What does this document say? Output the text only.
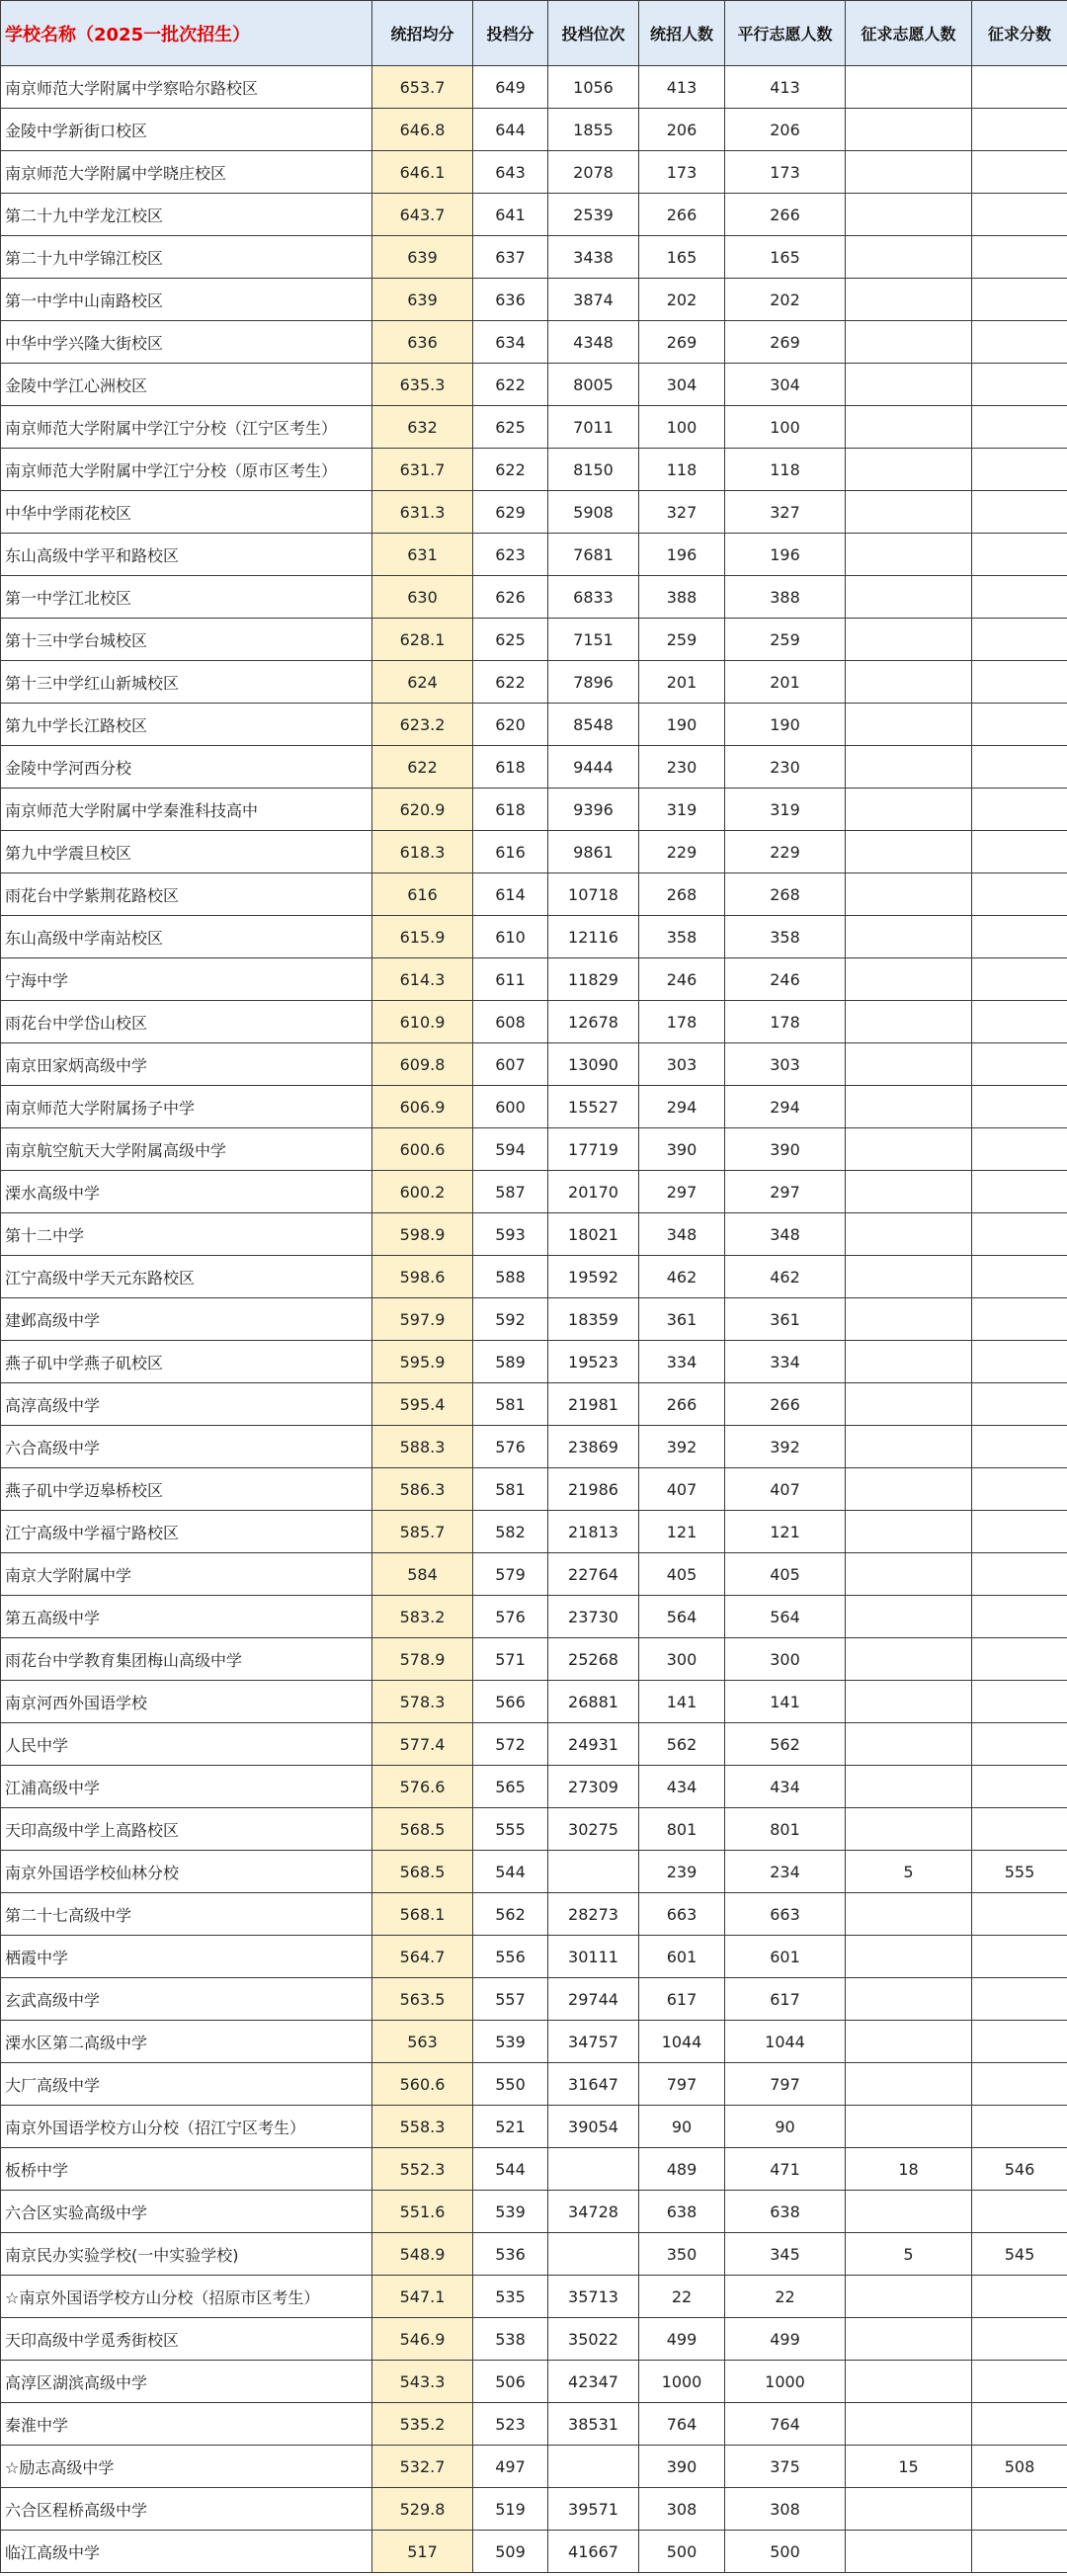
学校名称（2025一批次招生）	统招均分	投档分	投档位次	统招人数	平行志愿人数	征求志愿人数	征求分数
南京师范大学附属中学察哈尔路校区	653.7	649	1056	413	413		
金陵中学新街口校区	646.8	644	1855	206	206		
南京师范大学附属中学晓庄校区	646.1	643	2078	173	173		
第二十九中学龙江校区	643.7	641	2539	266	266		
第二十九中学锦江校区	639	637	3438	165	165		
第一中学中山南路校区	639	636	3874	202	202		
中华中学兴隆大街校区	636	634	4348	269	269		
金陵中学江心洲校区	635.3	622	8005	304	304		
南京师范大学附属中学江宁分校（江宁区考生）	632	625	7011	100	100		
南京师范大学附属中学江宁分校（原市区考生）	631.7	622	8150	118	118		
中华中学雨花校区	631.3	629	5908	327	327		
东山高级中学平和路校区	631	623	7681	196	196		
第一中学江北校区	630	626	6833	388	388		
第十三中学台城校区	628.1	625	7151	259	259		
第十三中学红山新城校区	624	622	7896	201	201		
第九中学长江路校区	623.2	620	8548	190	190		
金陵中学河西分校	622	618	9444	230	230		
南京师范大学附属中学秦淮科技高中	620.9	618	9396	319	319		
第九中学震旦校区	618.3	616	9861	229	229		
雨花台中学紫荆花路校区	616	614	10718	268	268		
东山高级中学南站校区	615.9	610	12116	358	358		
宁海中学	614.3	611	11829	246	246		
雨花台中学岱山校区	610.9	608	12678	178	178		
南京田家炳高级中学	609.8	607	13090	303	303		
南京师范大学附属扬子中学	606.9	600	15527	294	294		
南京航空航天大学附属高级中学	600.6	594	17719	390	390		
溧水高级中学	600.2	587	20170	297	297		
第十二中学	598.9	593	18021	348	348		
江宁高级中学天元东路校区	598.6	588	19592	462	462		
建邺高级中学	597.9	592	18359	361	361		
燕子矶中学燕子矶校区	595.9	589	19523	334	334		
高淳高级中学	595.4	581	21981	266	266		
六合高级中学	588.3	576	23869	392	392		
燕子矶中学迈皋桥校区	586.3	581	21986	407	407		
江宁高级中学福宁路校区	585.7	582	21813	121	121		
南京大学附属中学	584	579	22764	405	405		
第五高级中学	583.2	576	23730	564	564		
雨花台中学教育集团梅山高级中学	578.9	571	25268	300	300		
南京河西外国语学校	578.3	566	26881	141	141		
人民中学	577.4	572	24931	562	562		
江浦高级中学	576.6	565	27309	434	434		
天印高级中学上高路校区	568.5	555	30275	801	801		
南京外国语学校仙林分校	568.5	544		239	234	5	555
第二十七高级中学	568.1	562	28273	663	663		
栖霞中学	564.7	556	30111	601	601		
玄武高级中学	563.5	557	29744	617	617		
溧水区第二高级中学	563	539	34757	1044	1044		
大厂高级中学	560.6	550	31647	797	797		
南京外国语学校方山分校（招江宁区考生）	558.3	521	39054	90	90		
板桥中学	552.3	544		489	471	18	546
六合区实验高级中学	551.6	539	34728	638	638		
南京民办实验学校(一中实验学校)	548.9	536		350	345	5	545
☆南京外国语学校方山分校（招原市区考生）	547.1	535	35713	22	22		
天印高级中学觅秀街校区	546.9	538	35022	499	499		
高淳区湖滨高级中学	543.3	506	42347	1000	1000		
秦淮中学	535.2	523	38531	764	764		
☆励志高级中学	532.7	497		390	375	15	508
六合区程桥高级中学	529.8	519	39571	308	308		
临江高级中学	517	509	41667	500	500		
